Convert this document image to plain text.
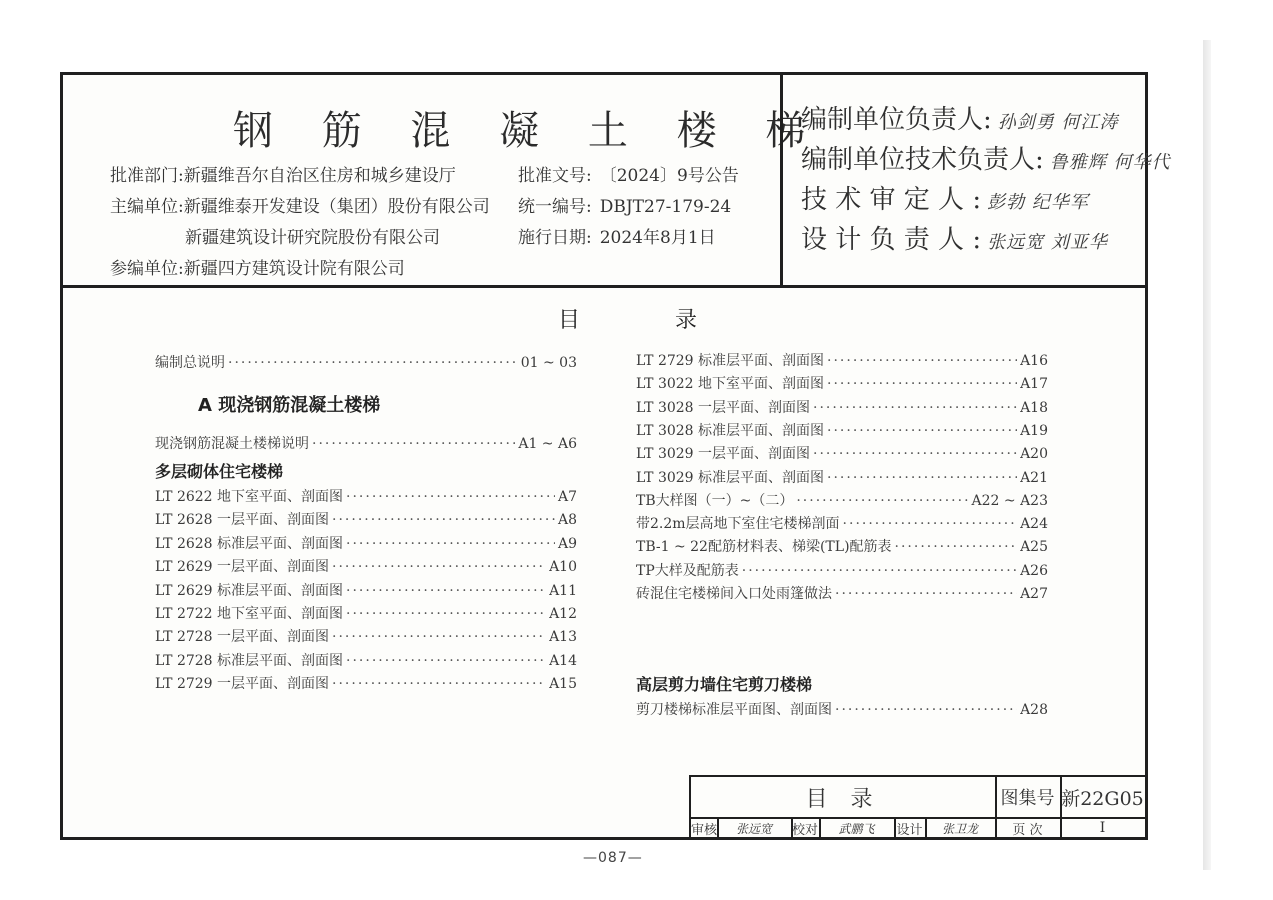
钢 筋 混 凝 土 楼 梯
批准部门:新疆维吾尔自治区住房和城乡建设厅
主编单位:新疆维泰开发建设（集团）股份有限公司
新疆建筑设计研究院股份有限公司
参编单位:新疆四方建筑设计院有限公司
批准文号: 〔2024〕9号公告
统一编号: DBJT27-179-24
施行日期: 2024年8月1日
编制单位负责人: 孙剑勇 何江涛
编制单位技术负责人: 鲁雅辉 何华代
技 术 审 定 人 : 彭勃 纪华军
设 计 负 责 人 : 张远宽 刘亚华
目 录
编制总说明 ·····	01 ~ 03
A 现浇钢筋混凝土楼梯
现浇钢筋混凝土楼梯说明 ·····	A1 ~ A6
多层砌体住宅楼梯
LT 2622 地下室平面、剖面图 ·····	A7
LT 2628 一层平面、剖面图 ·····	A8
LT 2628 标准层平面、剖面图 ·····	A9
LT 2629 一层平面、剖面图 ·····	A10
LT 2629 标准层平面、剖面图 ·····	A11
LT 2722 地下室平面、剖面图 ·····	A12
LT 2728 一层平面、剖面图 ·····	A13
LT 2728 标准层平面、剖面图 ·····	A14
LT 2729 一层平面、剖面图 ·····	A15
LT 2729 标准层平面、剖面图 ·····	A16
LT 3022 地下室平面、剖面图 ·····	A17
LT 3028 一层平面、剖面图 ·····	A18
LT 3028 标准层平面、剖面图 ·····	A19
LT 3029 一层平面、剖面图 ·····	A20
LT 3029 标准层平面、剖面图 ·····	A21
TB大样图（一）~（二） ·····	A22 ~ A23
带2.2m层高地下室住宅楼梯剖面 ·····	A24
TB-1 ~ 22配筋材料表、梯梁(TL)配筋表 ·····	A25
TP大样及配筋表 ·····	A26
砖混住宅楼梯间入口处雨篷做法 ·····	A27
高层剪力墙住宅剪刀楼梯
剪刀楼梯标准层平面图、剖面图 ·····	A28
目 录	图集号 新22G05
审核	张远宽	校对	武鹏飞	设计	张卫龙	页 次	I
—087—
